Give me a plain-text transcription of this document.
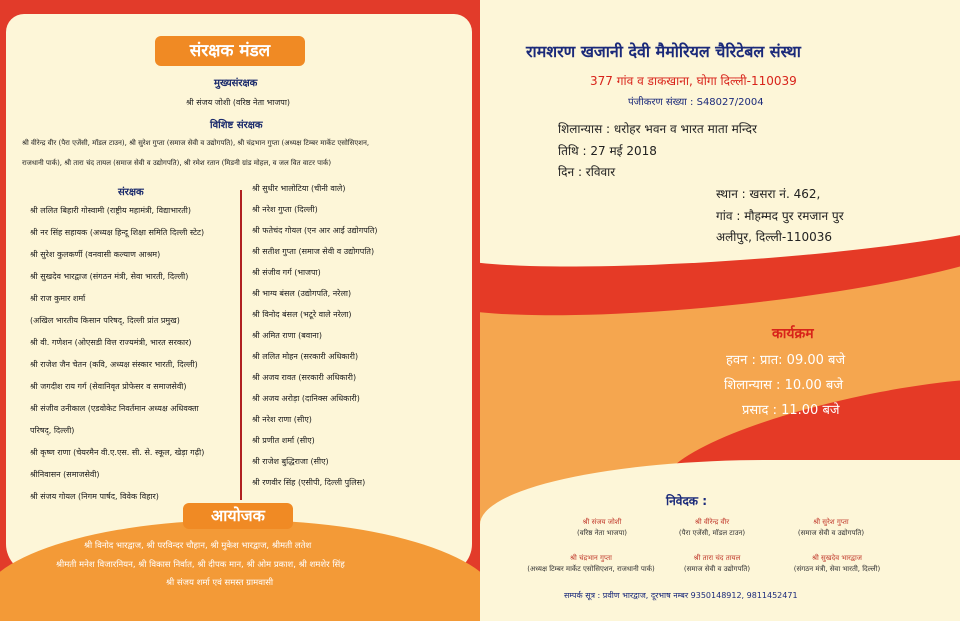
संरक्षक मंडल

मुख्यसंरक्षक

श्री संजय जोशी (वरिष्ठ नेता भाजपा)

विशिष्ट संरक्षक

श्री वीरेन्द्र वीर (पैरा एजेंसी, मॉडल टाउन), श्री सुरेश गुप्ता (समाज सेवी व उद्योगपति), श्री चंद्रभान गुप्ता (अध्यक्ष टिम्बर मार्केट एसोसिएशन,

राजधानी पार्क), श्री तारा चंद तायल (समाज सेवी व उद्योगपति), श्री रमेश रतान (मिडनी ग्रांड मोहल, व जल वित वाटर पार्क)

संरक्षक

श्री ललित बिहारी गोस्वामी (राष्ट्रीय महामंत्री, विद्याभारती)
श्री नर सिंह सहायक (अध्यक्ष हिन्दू शिक्षा समिति दिल्ली स्टेट)
श्री सुरेश कुलकर्णी (वनवासी कल्याण आश्रम)
श्री सुखदेव भारद्वाज (संगठन मंत्री, सेवा भारती, दिल्ली)
श्री राज कुमार शर्मा
(अखिल भारतीय किसान परिषद्, दिल्ली प्रांत प्रमुख)
श्री वी. गणेशन (ओएसडी वित्त राज्यमंत्री, भारत सरकार)
श्री राजेश जैन चेतन (कवि, अध्यक्ष संस्कार भारती, दिल्ली)
श्री जगदीश राय गर्ग (सेवानिवृत प्रोफेसर व समाजसेवी)
श्री संजीव उनीकाल (एडवोकेट निवर्तमान अध्यक्ष अधिवक्ता
परिषद्, दिल्ली)
श्री कृष्ण राणा (चेयरमैन वी.ए.एस. सी. से. स्कूल, खेड़ा गढ़ी)
श्रीनिवासन (समाजसेवी)
श्री संजय गोयल (निगम पार्षद, विवेक विहार)
श्री सुधीर भालोटिया (चीनी वाले)
श्री नरेश गुप्ता (दिल्ली)
श्री फतेचंद गोयल (एन आर आई उद्योगपति)
श्री सतीश गुप्ता (समाज सेवी व उद्योगपति)
श्री संजीव गर्ग (भाजपा)
श्री भाग्य बंसल (उद्योगपति, नरेला)
श्री विनोद बंसल (भटूरे वाले नरेला)
श्री अमित राणा (बवाना)
श्री ललित मोहन (सरकारी अधिकारी)
श्री अजय रावत (सरकारी अधिकारी)
श्री अजय अरोड़ा (दानिक्स अधिकारी)
श्री नरेश राणा (सीए)
श्री प्रणीत शर्मा (सीए)
श्री राजेश बुद्धिराजा (सीए)
श्री रणवीर सिंह (एसीपी, दिल्ली पुलिस)
आयोजक

श्री विनोद भारद्वाज, श्री परविन्दर चौहान, श्री मुकेश भारद्वाज, श्रीमती लतेश

श्रीमती मनेश विजारनियन, श्री विकास निर्वात, श्री दीपक मान, श्री ओम प्रकाश, श्री शमशेर सिंह

श्री संजय शर्मा एवं समस्त ग्रामवासी

रामशरण खजानी देवी मैमोरियल चैरिटेबल संस्था

377 गांव व डाकखाना, घोगा दिल्ली-110039

पंजीकरण संख्या : S48027/2004

शिलान्यास : धरोहर भवन व भारत माता मन्दिर

तिथि : 27 मई 2018

दिन : रविवार

स्थान : खसरा नं. 462,

गांव : मौहम्मद पुर रमजान पुर

अलीपुर, दिल्ली-110036

कार्यक्रम

हवन : प्रात: 09.00 बजे

शिलान्यास : 10.00 बजे

प्रसाद : 11.00 बजे

निवेदक :

श्री संजय जोशी
(वरिष्ठ नेता भाजपा)
श्री वीरेन्द्र वीर
(पैरा एजेंसी, मॉडल टाउन)
श्री सुरेश गुप्ता
(समाज सेवी व उद्योगपति)
श्री चंद्रभान गुप्ता
(अध्यक्ष टिम्बर मार्केट एसोसिएशन, राजधानी पार्क)
श्री तारा चंद तायल
(समाज सेवी व उद्योगपति)
श्री सुखदेव भारद्वाज
(संगठन मंत्री, सेवा भारती, दिल्ली)

सम्पर्क सूत्र : प्रवीण भारद्वाज, दूरभाष नम्बर 9350148912, 9811452471
